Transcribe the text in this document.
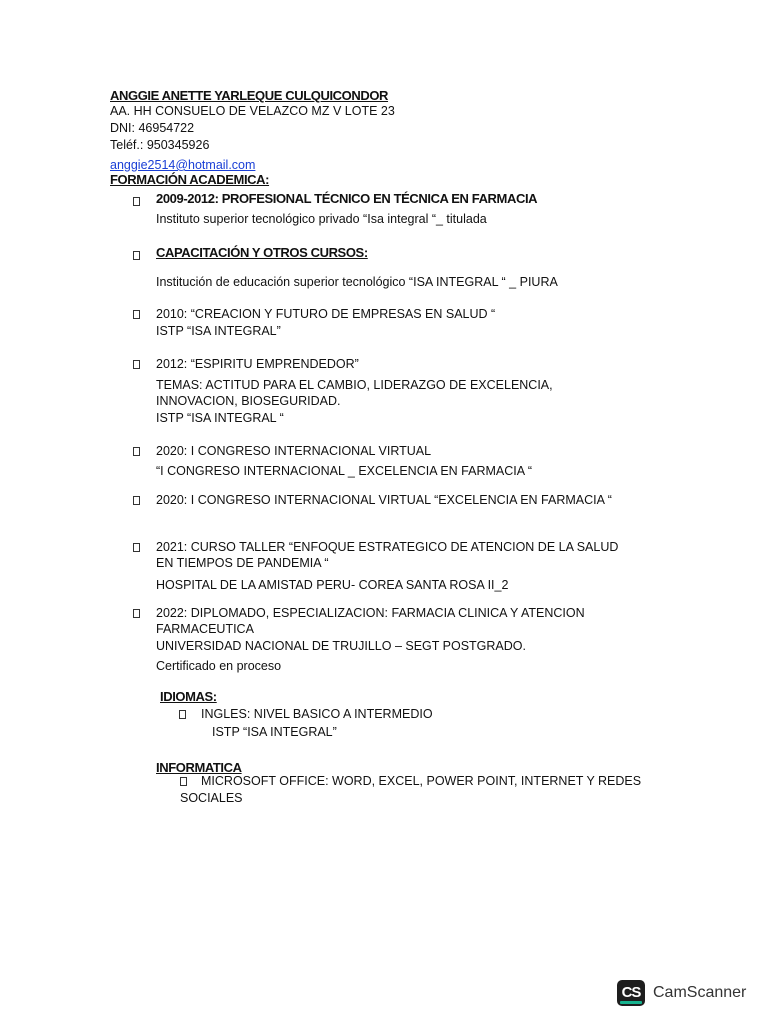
ANGGIE ANETTE YARLEQUE CULQUICONDOR
AA. HH CONSUELO DE VELAZCO MZ V LOTE 23
DNI: 46954722
Teléf.: 950345926
anggie2514@hotmail.com
FORMACIÓN ACADEMICA:
2009-2012: PROFESIONAL TÉCNICO EN TÉCNICA EN FARMACIA
Instituto superior tecnológico privado “Isa integral “_ titulada
CAPACITACIÓN Y OTROS CURSOS:
Institución de educación superior tecnológico “ISA INTEGRAL “ _ PIURA
2010: “CREACION Y FUTURO DE EMPRESAS EN SALUD “
ISTP “ISA INTEGRAL”
2012: “ESPIRITU EMPRENDEDOR”
TEMAS: ACTITUD PARA EL CAMBIO, LIDERAZGO DE EXCELENCIA, INNOVACION, BIOSEGURIDAD.
ISTP “ISA INTEGRAL “
2020: I CONGRESO INTERNACIONAL VIRTUAL
“I CONGRESO INTERNACIONAL _ EXCELENCIA EN FARMACIA “
2020: I CONGRESO INTERNACIONAL VIRTUAL “EXCELENCIA EN FARMACIA “
2021: CURSO TALLER “ENFOQUE ESTRATEGICO DE ATENCION DE LA SALUD EN TIEMPOS DE PANDEMIA “
HOSPITAL DE LA AMISTAD PERU- COREA SANTA ROSA II_2
2022: DIPLOMADO, ESPECIALIZACION: FARMACIA CLINICA Y ATENCION FARMACEUTICA
UNIVERSIDAD NACIONAL DE TRUJILLO – SEGT POSTGRADO.
Certificado en proceso
IDIOMAS:
INGLES: NIVEL BASICO A INTERMEDIO
ISTP “ISA INTEGRAL”
INFORMATICA
MICROSOFT OFFICE: WORD, EXCEL, POWER POINT, INTERNET Y REDES
SOCIALES
CS CamScanner
